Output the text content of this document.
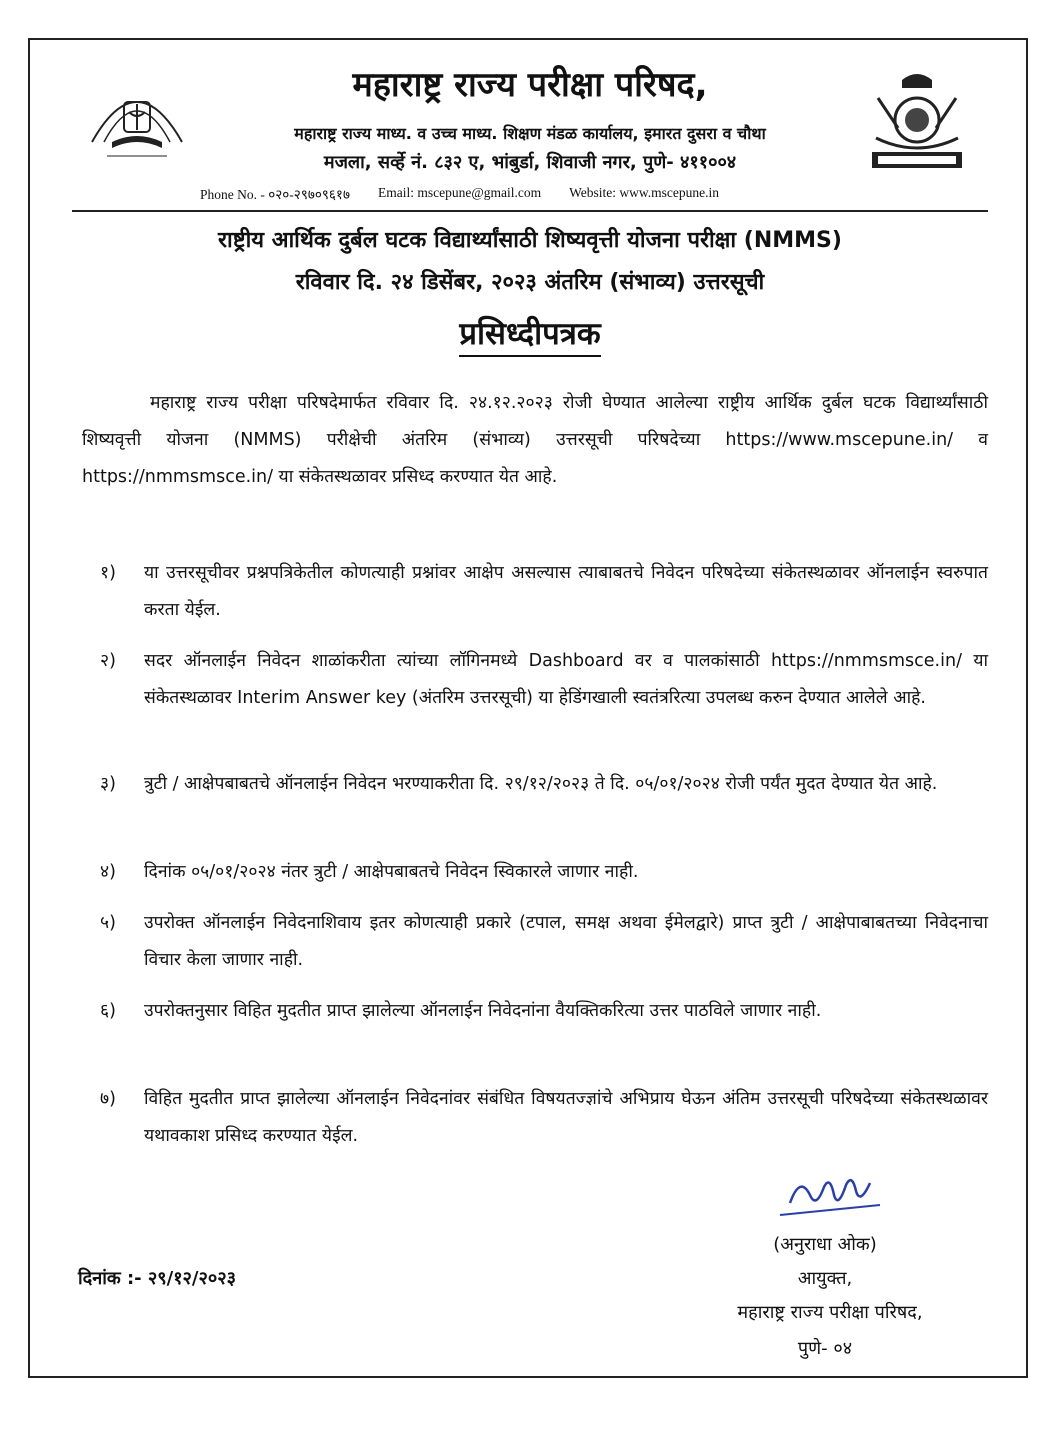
महाराष्ट्र राज्य परीक्षा परिषद,
महाराष्ट्र राज्य माध्य. व उच्च माध्य. शिक्षण मंडळ कार्यालय, इमारत दुसरा व चौथा
मजला, सर्व्हे नं. ८३२ ए, भांबुर्डा, शिवाजी नगर, पुणे- ४११००४
Phone No. - ०२०-२९७०९६१७ Email: mscepune@gmail.com Website: www.mscepune.in
राष्ट्रीय आर्थिक दुर्बल घटक विद्यार्थ्यांसाठी शिष्यवृत्ती योजना परीक्षा (NMMS)
रविवार दि. २४ डिसेंबर, २०२३ अंतरिम (संभाव्य) उत्तरसूची
प्रसिध्दीपत्रक

महाराष्ट्र राज्य परीक्षा परिषदेमार्फत रविवार दि. २४.१२.२०२३ रोजी घेण्यात आलेल्या राष्ट्रीय आर्थिक दुर्बल घटक विद्यार्थ्यांसाठी शिष्यवृत्ती योजना (NMMS) परीक्षेची अंतरिम (संभाव्य) उत्तरसूची परिषदेच्या https://www.mscepune.in/ व https://nmmsmsce.in/ या संकेतस्थळावर प्रसिध्द करण्यात येत आहे.

१)	या उत्तरसूचीवर प्रश्नपत्रिकेतील कोणत्याही प्रश्नांवर आक्षेप असल्यास त्याबाबतचे निवेदन परिषदेच्या संकेतस्थळावर ऑनलाईन स्वरुपात करता येईल.
२)	सदर ऑनलाईन निवेदन शाळांकरीता त्यांच्या लॉगिनमध्ये Dashboard वर व पालकांसाठी https://nmmsmsce.in/ या संकेतस्थळावर Interim Answer key (अंतरिम उत्तरसूची) या हेडिंगखाली स्वतंत्ररित्या उपलब्ध करुन देण्यात आलेले आहे.
३)	त्रुटी / आक्षेपबाबतचे ऑनलाईन निवेदन भरण्याकरीता दि. २९/१२/२०२३ ते दि. ०५/०१/२०२४ रोजी पर्यंत मुदत देण्यात येत आहे.
४)	दिनांक ०५/०१/२०२४ नंतर त्रुटी / आक्षेपबाबतचे निवेदन स्विकारले जाणार नाही.
५)	उपरोक्त ऑनलाईन निवेदनाशिवाय इतर कोणत्याही प्रकारे (टपाल, समक्ष अथवा ईमेलद्वारे) प्राप्त त्रुटी / आक्षेपाबाबतच्या निवेदनाचा विचार केला जाणार नाही.
६)	उपरोक्तनुसार विहित मुदतीत प्राप्त झालेल्या ऑनलाईन निवेदनांना वैयक्तिकरित्या उत्तर पाठविले जाणार नाही.
७)	विहित मुदतीत प्राप्त झालेल्या ऑनलाईन निवेदनांवर संबंधित विषयतज्ज्ञांचे अभिप्राय घेऊन अंतिम उत्तरसूची परिषदेच्या संकेतस्थळावर यथावकाश प्रसिध्द करण्यात येईल.
(अनुराधा ओक)
आयुक्त,
महाराष्ट्र राज्य परीक्षा परिषद,
पुणे- ०४
दिनांक :- २९/१२/२०२३
